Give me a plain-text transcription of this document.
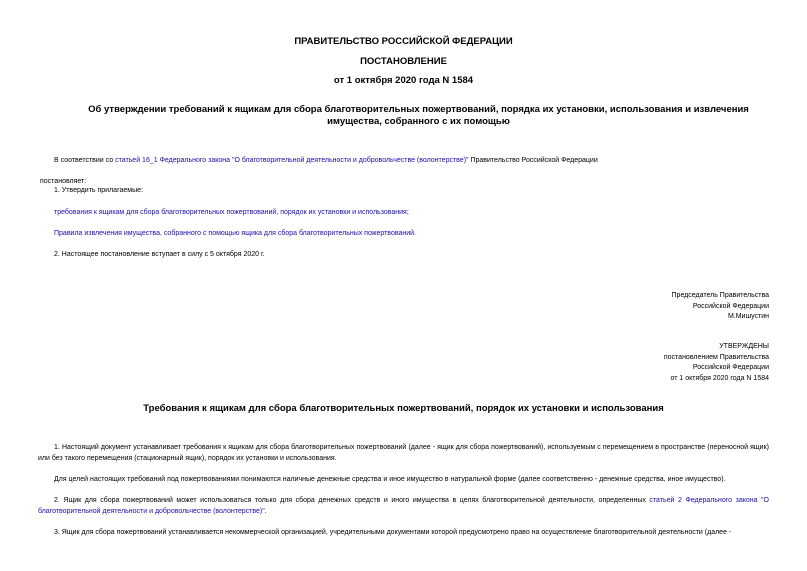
ПРАВИТЕЛЬСТВО РОССИЙСКОЙ ФЕДЕРАЦИИ
ПОСТАНОВЛЕНИЕ
от 1 октября 2020 года N 1584
Об утверждении требований к ящикам для сбора благотворительных пожертвований, порядка их установки, использования и извлечения имущества, собранного с их помощью
В соответствии со статьей 16_1 Федерального закона "О благотворительной деятельности и добровольчестве (волонтерстве)" Правительство Российской Федерации
постановляет:
1. Утвердить прилагаемые:
требования к ящикам для сбора благотворительных пожертвований, порядок их установки и использования;
Правила извлечения имущества, собранного с помощью ящика для сбора благотворительных пожертвований.
2. Настоящее постановление вступает в силу с 5 октября 2020 г.
Председатель Правительства
Российской Федерации
М.Мишустин
УТВЕРЖДЕНЫ
постановлением Правительства
Российской Федерации
от 1 октября 2020 года N 1584
Требования к ящикам для сбора благотворительных пожертвований, порядок их установки и использования
1. Настоящий документ устанавливает требования к ящикам для сбора благотворительных пожертвований (далее - ящик для сбора пожертвований), используемым с перемещением в пространстве (переносной ящик) или без такого перемещения (стационарный ящик), порядок их установки и использования.
Для целей настоящих требований под пожертвованиями понимаются наличные денежные средства и иное имущество в натуральной форме (далее соответственно - денежные средства, иное имущество).
2. Ящик для сбора пожертвований может использоваться только для сбора денежных средств и иного имущества в целях благотворительной деятельности, определенных статьей 2 Федерального закона "О благотворительной деятельности и добровольчестве (волонтерстве)".
3. Ящик для сбора пожертвований устанавливается некоммерческой организацией, учредительными документами которой предусмотрено право на осуществление благотворительной деятельности (далее -
